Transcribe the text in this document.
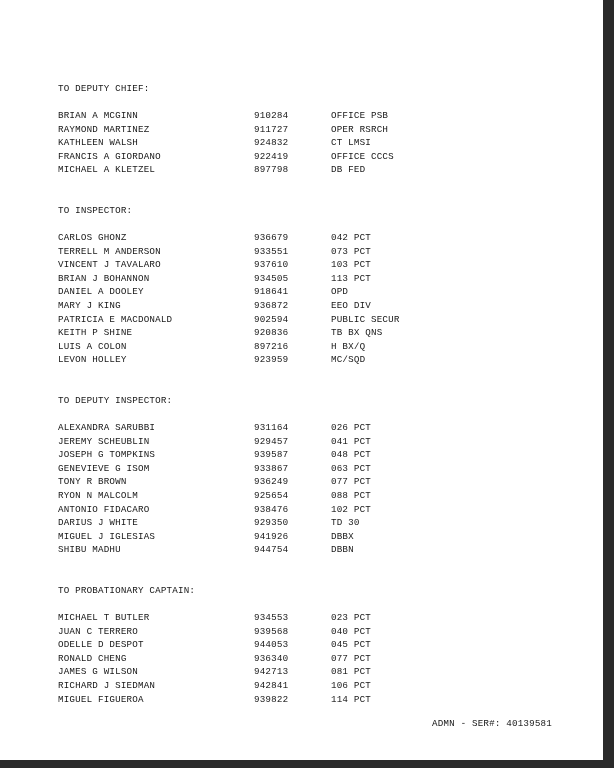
TO DEPUTY CHIEF:
BRIAN A MCGINN	910284	OFFICE PSB
RAYMOND MARTINEZ	911727	OPER RSRCH
KATHLEEN WALSH	924832	CT LMSI
FRANCIS A GIORDANO	922419	OFFICE CCCS
MICHAEL A KLETZEL	897798	DB FED
TO INSPECTOR:
CARLOS GHONZ	936679	042 PCT
TERRELL M ANDERSON	933551	073 PCT
VINCENT J TAVALARO	937610	103 PCT
BRIAN J BOHANNON	934505	113 PCT
DANIEL A DOOLEY	918641	OPD
MARY J KING	936872	EEO DIV
PATRICIA E MACDONALD	902594	PUBLIC SECUR
KEITH P SHINE	920836	TB BX QNS
LUIS A COLON	897216	H BX/Q
LEVON HOLLEY	923959	MC/SQD
TO DEPUTY INSPECTOR:
ALEXANDRA SARUBBI	931164	026 PCT
JEREMY SCHEUBLIN	929457	041 PCT
JOSEPH G TOMPKINS	939587	048 PCT
GENEVIEVE G ISOM	933867	063 PCT
TONY R BROWN	936249	077 PCT
RYON N MALCOLM	925654	088 PCT
ANTONIO FIDACARO	938476	102 PCT
DARIUS J WHITE	929350	TD 30
MIGUEL J IGLESIAS	941926	DBBX
SHIBU MADHU	944754	DBBN
TO PROBATIONARY CAPTAIN:
MICHAEL T BUTLER	934553	023 PCT
JUAN C TERRERO	939568	040 PCT
ODELLE D DESPOT	944053	045 PCT
RONALD CHENG	936340	077 PCT
JAMES G WILSON	942713	081 PCT
RICHARD J SIEDMAN	942841	106 PCT
MIGUEL FIGUEROA	939822	114 PCT
ADMN - SER#: 40139581
